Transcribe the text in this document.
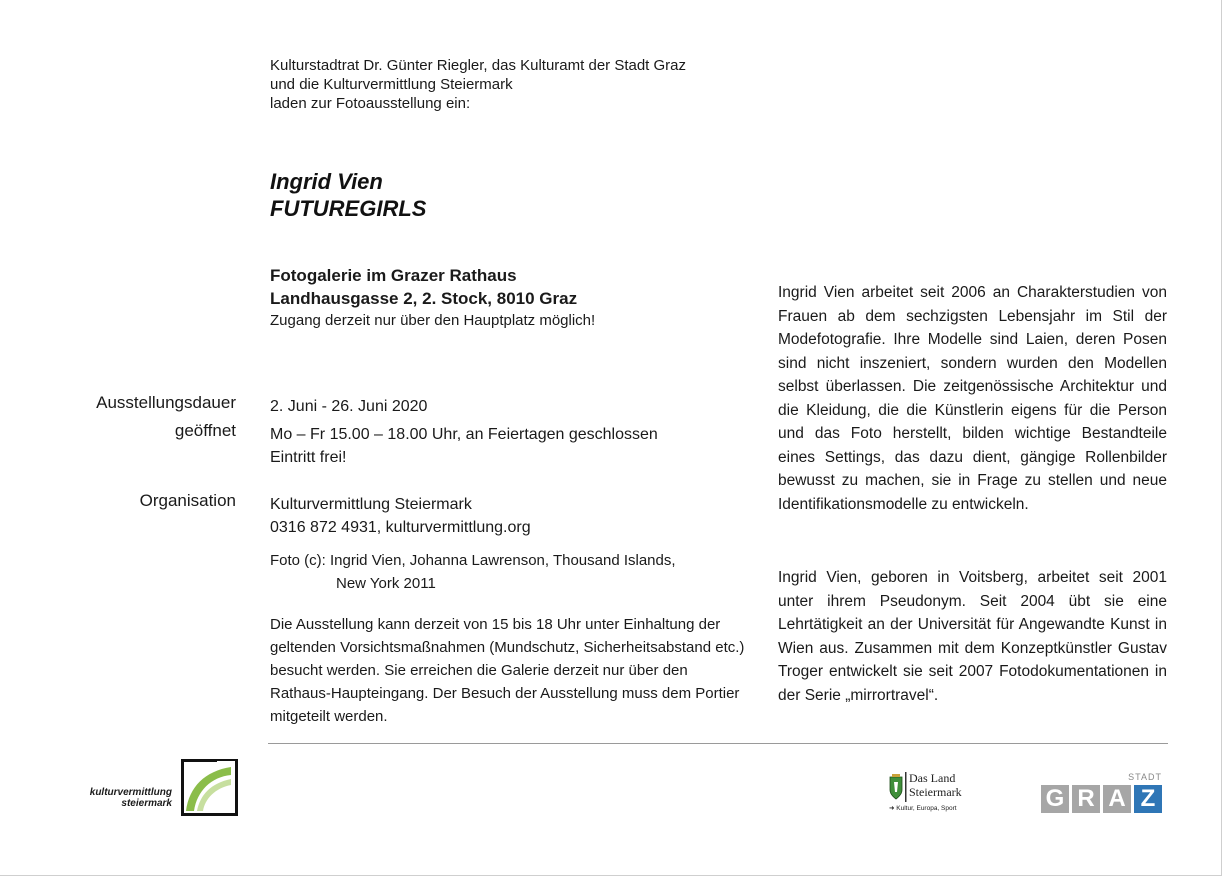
Kulturstadtrat Dr. Günter Riegler, das Kulturamt der Stadt Graz
und die Kulturvermittlung Steiermark
laden zur Fotoausstellung ein:
Ingrid Vien
FUTUREGIRLS
Fotogalerie im Grazer Rathaus
Landhausgasse 2, 2. Stock, 8010 Graz
Zugang derzeit nur über den Hauptplatz möglich!
Ausstellungsdauer
geöffnet
2. Juni - 26. Juni 2020
Mo – Fr 15.00 – 18.00 Uhr, an Feiertagen geschlossen
Eintritt frei!
Organisation Kulturvermittlung Steiermark
0316 872 4931, kulturvermittlung.org
Foto (c): Ingrid Vien, Johanna Lawrenson, Thousand Islands,
New York 2011
Die Ausstellung kann derzeit von 15 bis 18 Uhr unter Einhaltung der geltenden Vorsichtsmaßnahmen (Mundschutz, Sicherheitsabstand etc.) besucht werden. Sie erreichen die Galerie derzeit nur über den Rathaus-Haupteingang. Der Besuch der Ausstellung muss dem Portier mitgeteilt werden.
Ingrid Vien arbeitet seit 2006 an Charakterstudien von Frauen ab dem sechzigsten Lebensjahr im Stil der Modefotografie. Ihre Modelle sind Laien, deren Posen sind nicht inszeniert, sondern wurden den Modellen selbst überlassen. Die zeitgenössische Architektur und die Kleidung, die die Künstlerin eigens für die Person und das Foto herstellt, bilden wichtige Bestandteile eines Settings, das dazu dient, gängige Rollenbilder bewusst zu machen, sie in Frage zu stellen und neue Identifikationsmodelle zu entwickeln.
Ingrid Vien, geboren in Voitsberg, arbeitet seit 2001 unter ihrem Pseudonym. Seit 2004 übt sie eine Lehrtätigkeit an der Universität für Angewandte Kunst in Wien aus. Zusammen mit dem Konzeptkünstler Gustav Troger entwickelt sie seit 2007 Fotodokumentationen in der Serie „mirrortravel“.
kulturvermittlung
steiermark
Das Land
Steiermark
➜ Kultur, Europa, Sport
STADT
G R A Z
